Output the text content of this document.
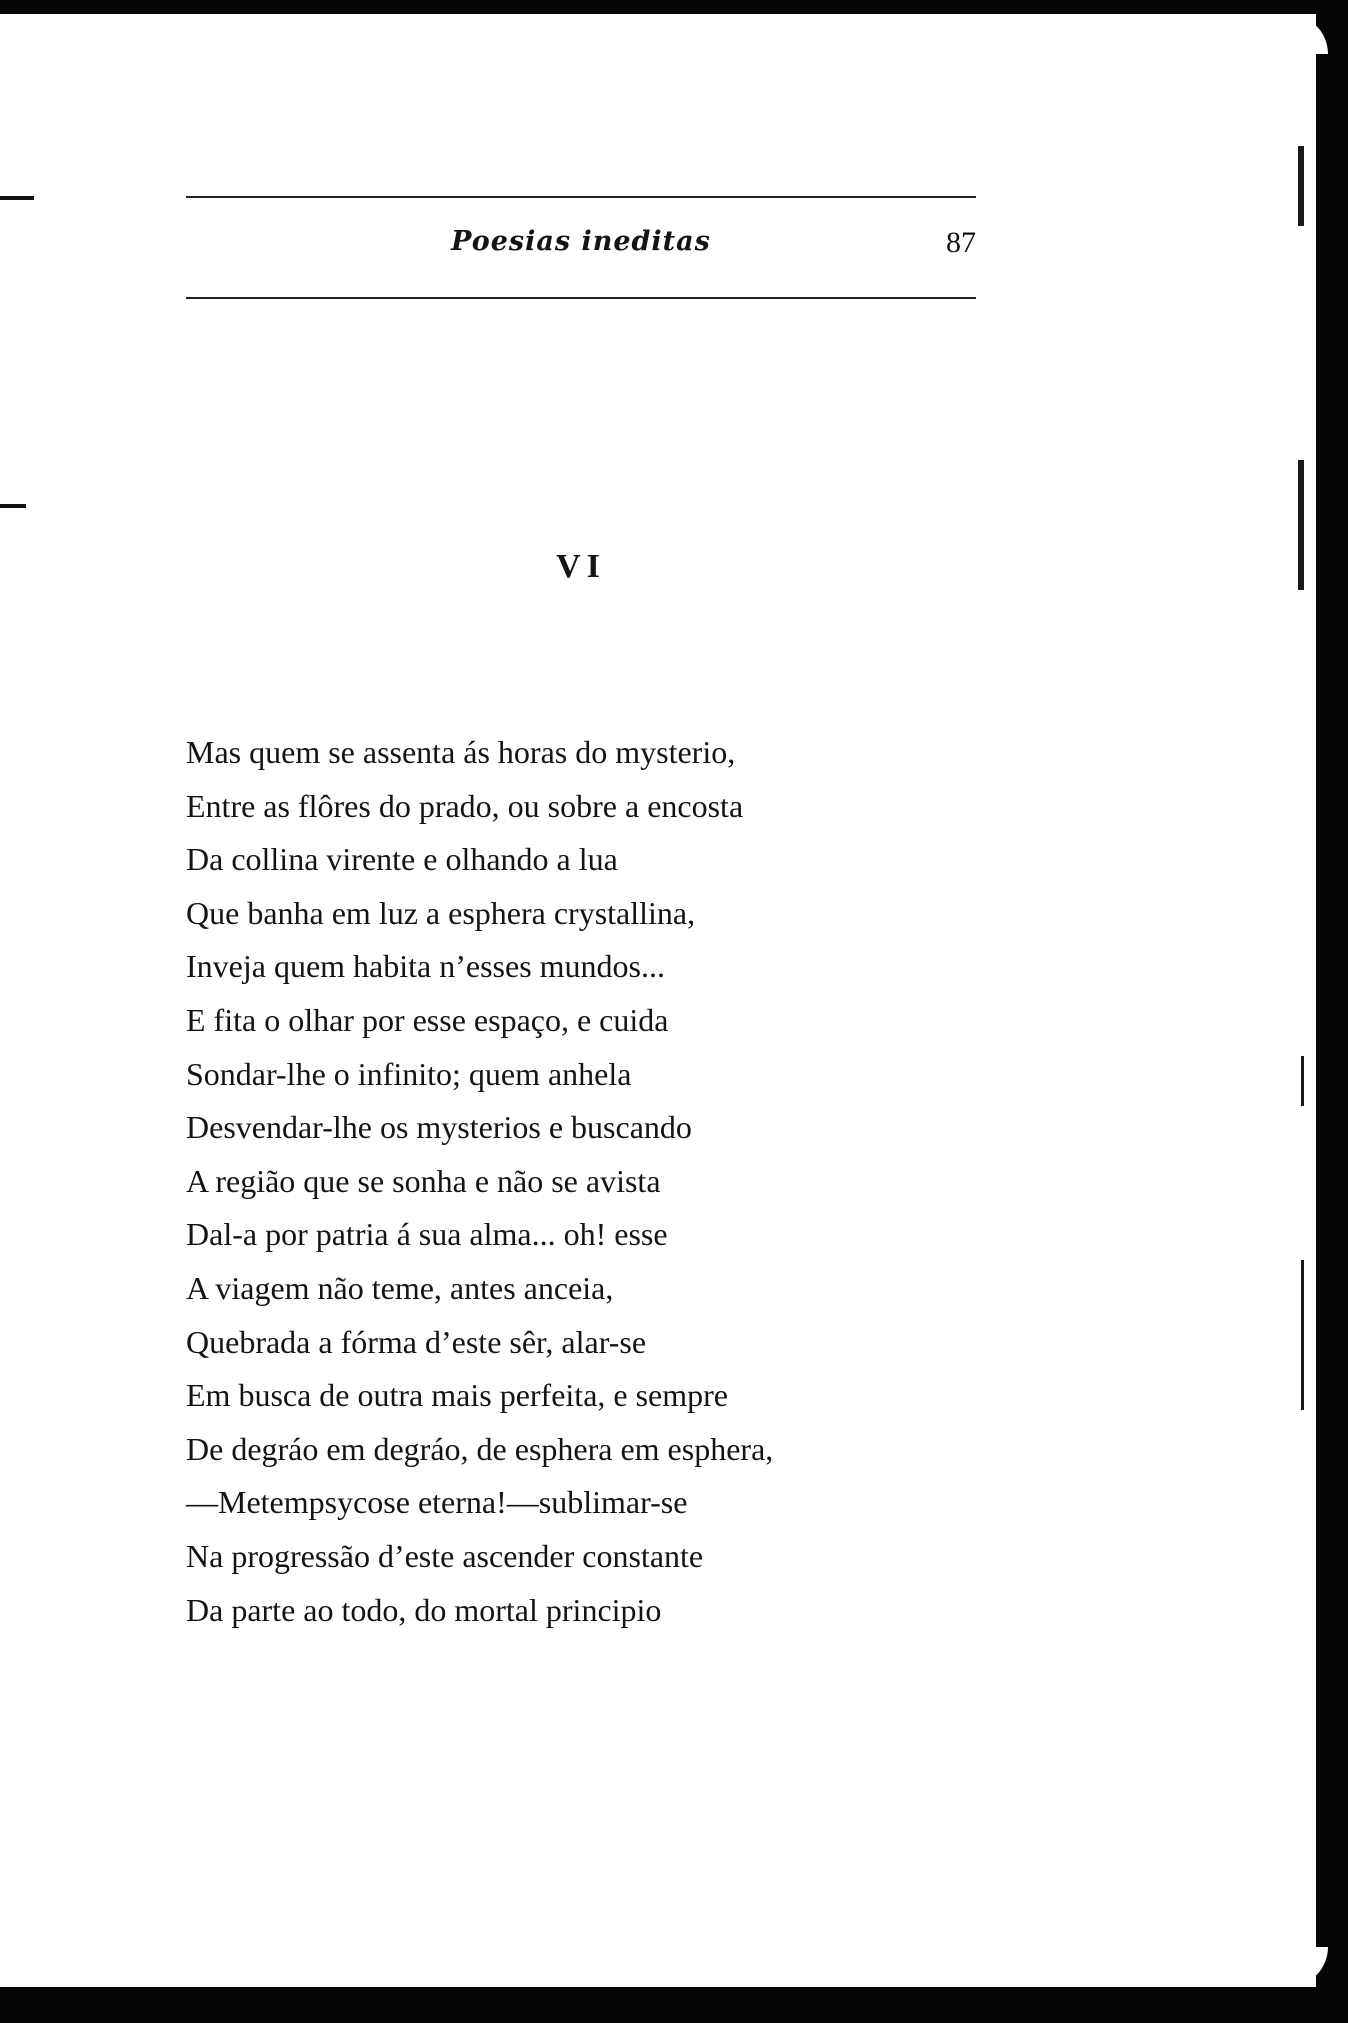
Poesias ineditas	87
VI
Mas quem se assenta ás horas do mysterio,
Entre as flôres do prado, ou sobre a encosta
Da collina virente e olhando a lua
Que banha em luz a esphera crystallina,
Inveja quem habita n’esses mundos...
E fita o olhar por esse espaço, e cuida
Sondar-lhe o infinito; quem anhela
Desvendar-lhe os mysterios e buscando
A região que se sonha e não se avista
Dal-a por patria á sua alma... oh! esse
A viagem não teme, antes anceia,
Quebrada a fórma d’este sêr, alar-se
Em busca de outra mais perfeita, e sempre
De degráo em degráo, de esphera em esphera,
—Metempsycose eterna!—sublimar-se
Na progressão d’este ascender constante
Da parte ao todo, do mortal principio
